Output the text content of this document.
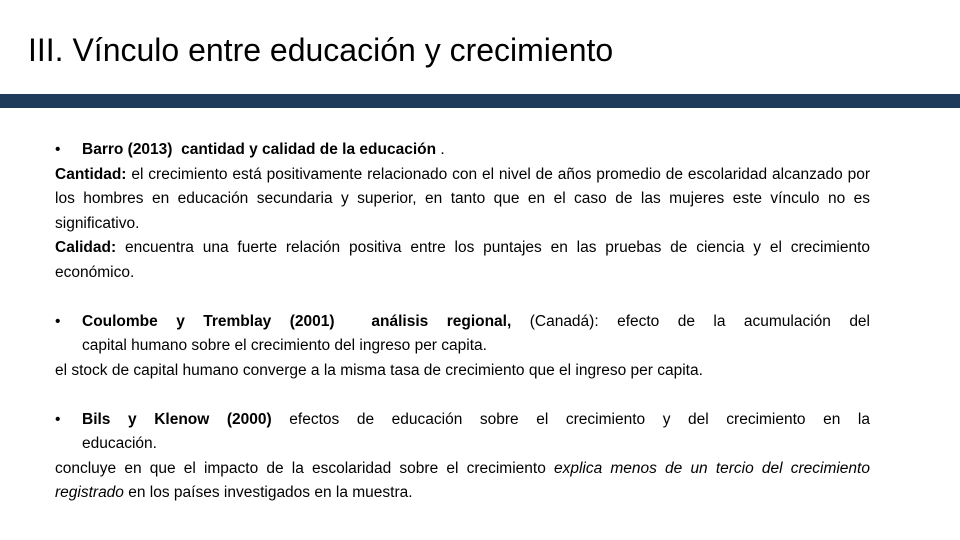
III. Vínculo entre educación y crecimiento
•	Barro (2013) cantidad y calidad de la educación .

Cantidad: el crecimiento está positivamente relacionado con el nivel de años promedio de escolaridad alcanzado por los hombres en educación secundaria y superior, en tanto que en el caso de las mujeres este vínculo no es significativo.

Calidad: encuentra una fuerte relación positiva entre los puntajes en las pruebas de ciencia y el crecimiento económico.

•	Coulombe y Tremblay (2001) análisis regional, (Canadá): efecto de la acumulación del

capital humano sobre el crecimiento del ingreso per capita.

el stock de capital humano converge a la misma tasa de crecimiento que el ingreso per capita.

•	Bils y Klenow (2000) efectos de educación sobre el crecimiento y del crecimiento en la

educación.

concluye en que el impacto de la escolaridad sobre el crecimiento explica menos de un tercio del crecimiento registrado en los países investigados en la muestra.
